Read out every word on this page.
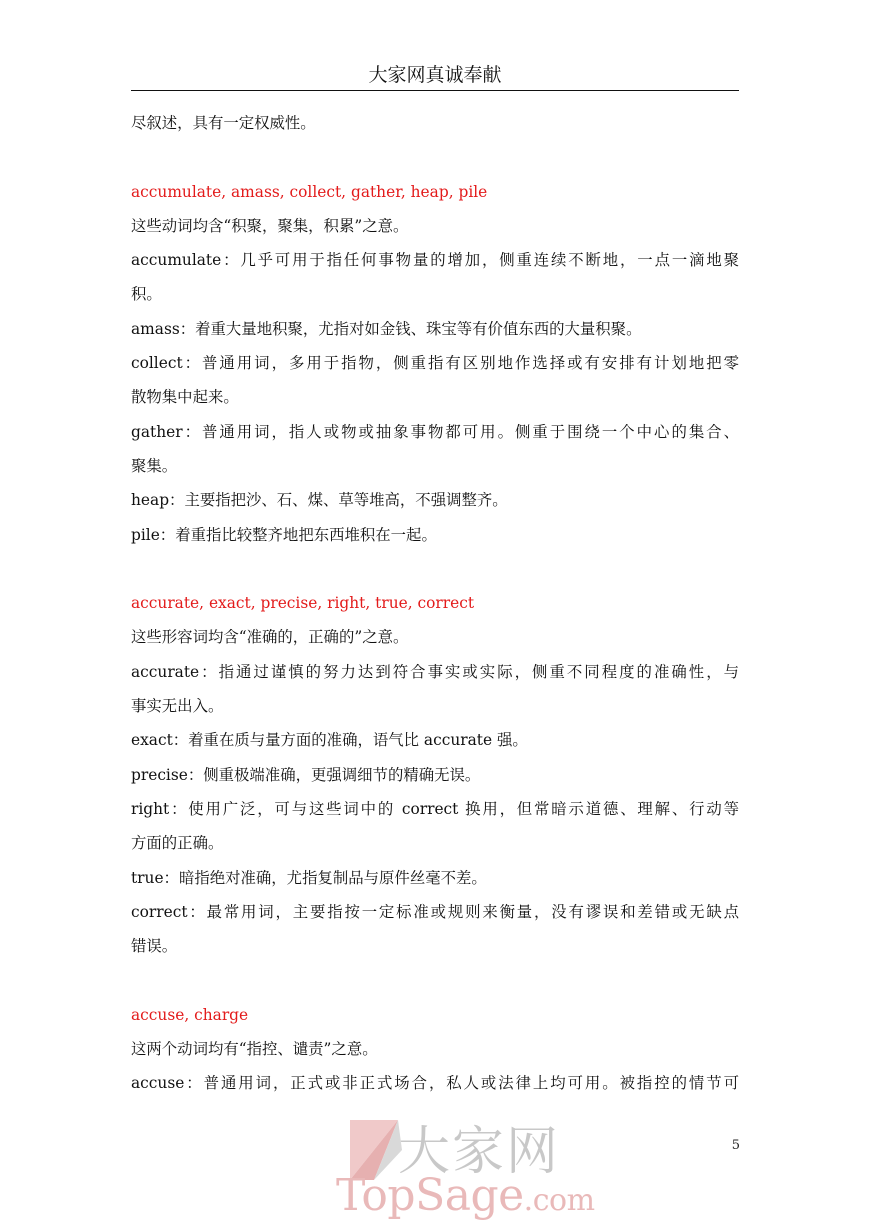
大家网真诚奉献

尽叙述，具有一定权威性。

accumulate, amass, collect, gather, heap, pile

这些动词均含“积聚，聚集，积累”之意。

accumulate：几乎可用于指任何事物量的增加，侧重连续不断地，一点一滴地聚

积。

amass：着重大量地积聚，尤指对如金钱、珠宝等有价值东西的大量积聚。

collect：普通用词，多用于指物，侧重指有区别地作选择或有安排有计划地把零

散物集中起来。

gather：普通用词，指人或物或抽象事物都可用。侧重于围绕一个中心的集合、

聚集。

heap：主要指把沙、石、煤、草等堆高，不强调整齐。

pile：着重指比较整齐地把东西堆积在一起。

accurate, exact, precise, right, true, correct

这些形容词均含“准确的，正确的”之意。

accurate：指通过谨慎的努力达到符合事实或实际，侧重不同程度的准确性，与

事实无出入。

exact：着重在质与量方面的准确，语气比 accurate 强。

precise：侧重极端准确，更强调细节的精确无误。

right：使用广泛，可与这些词中的 correct 换用，但常暗示道德、理解、行动等

方面的正确。

true：暗指绝对准确，尤指复制品与原件丝毫不差。

correct：最常用词，主要指按一定标准或规则来衡量，没有谬误和差错或无缺点

错误。

accuse, charge

这两个动词均有“指控、谴责”之意。

accuse：普通用词，正式或非正式场合，私人或法律上均可用。被指控的情节可

5
大家网
TopSage.com
